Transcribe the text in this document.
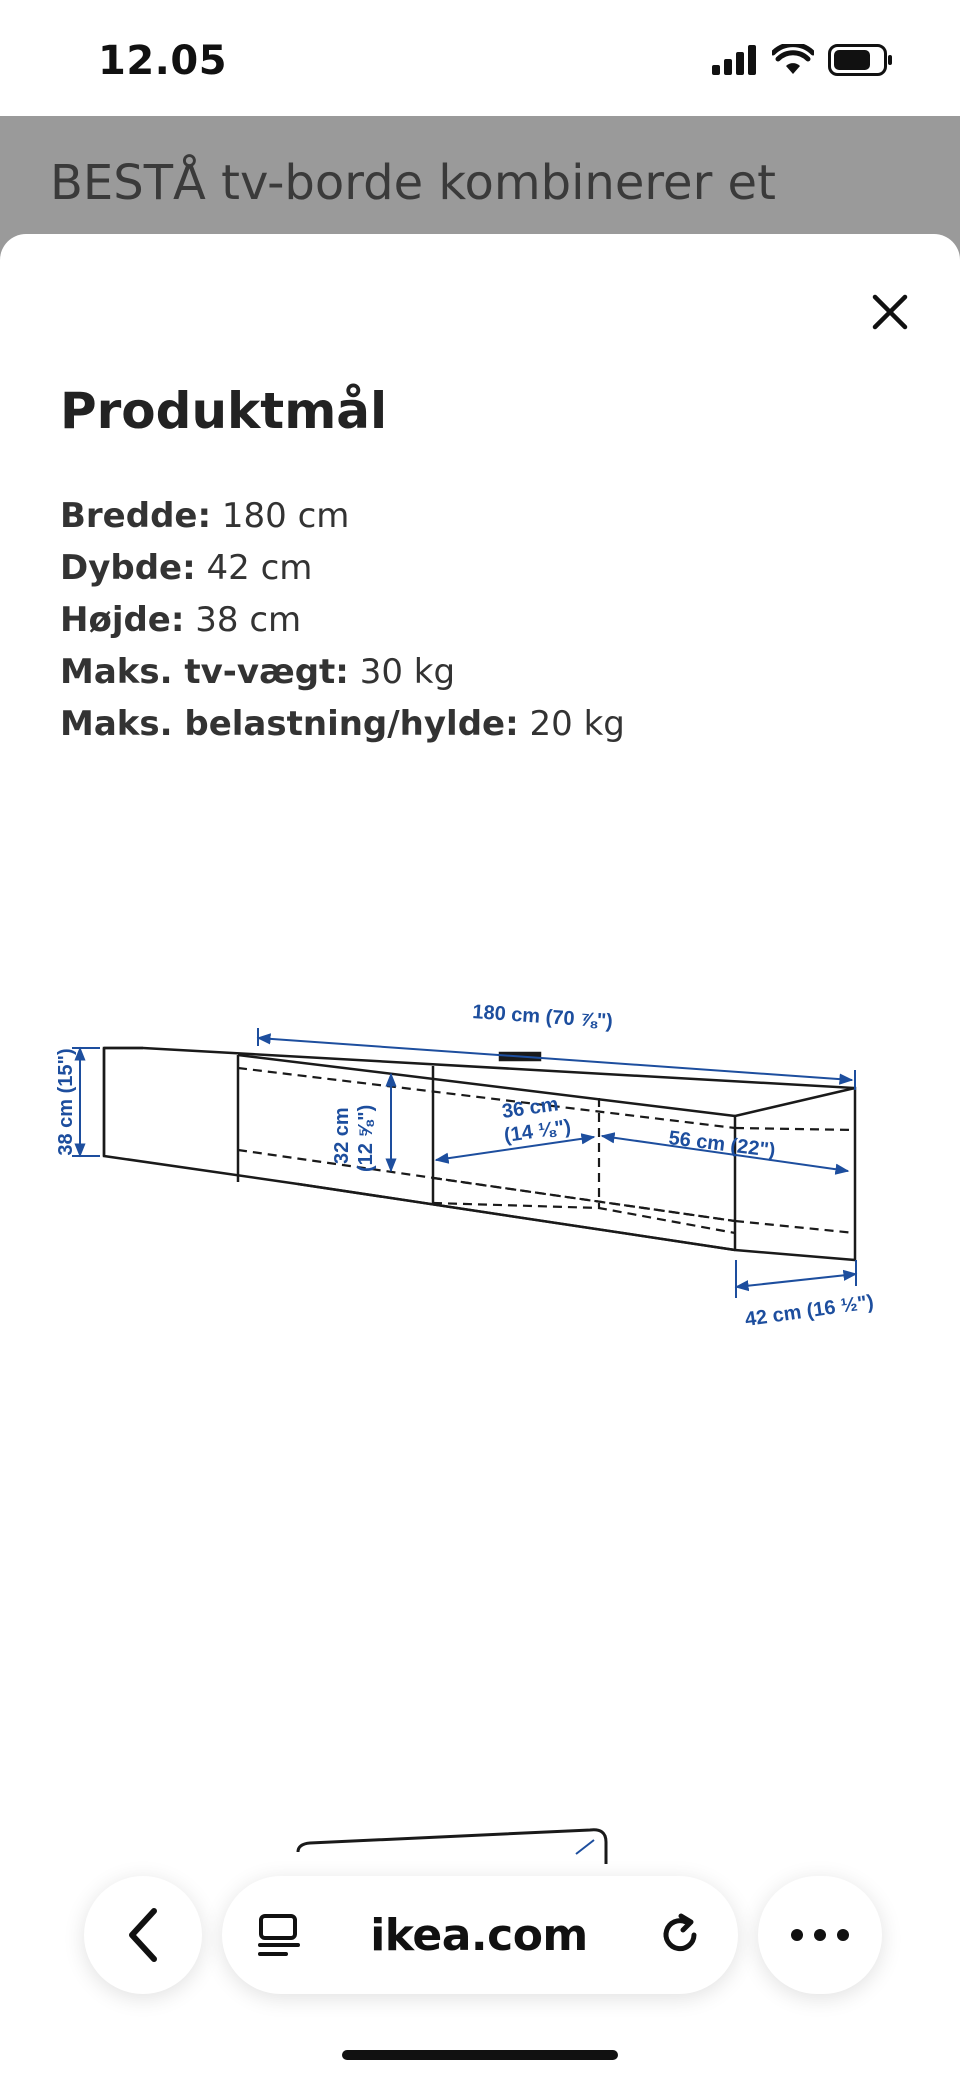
12.05
BESTÅ tv-borde kombinerer et
Produktmål
Bredde: 180 cm
Dybde: 42 cm
Højde: 38 cm
Maks. tv-vægt: 30 kg
Maks. belastning/hylde: 20 kg
180 cm (70 ⅞")
38 cm (15")	32 cm (12 ⅝")	36 cm
(14 ⅛")	56 cm (22")
42 cm (16 ½")
ikea.com
